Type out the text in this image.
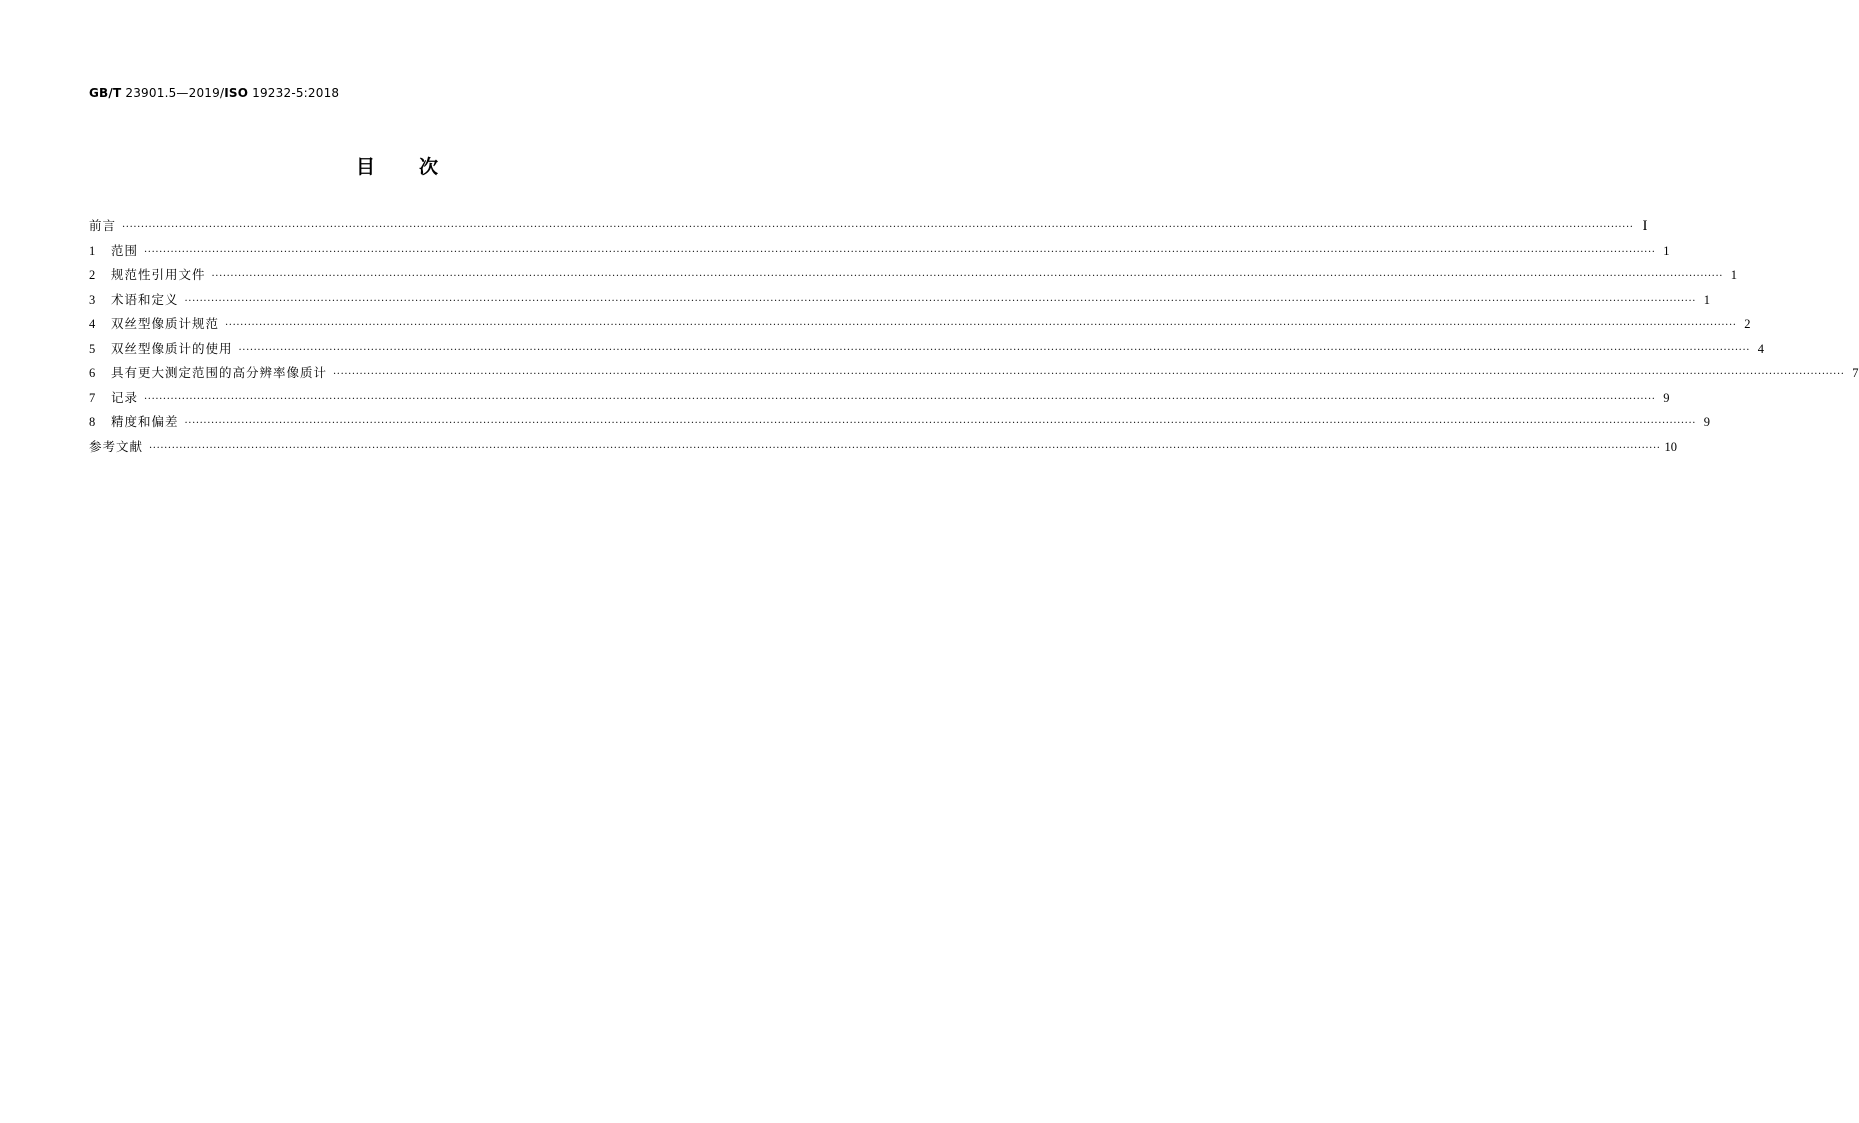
GB/T 23901.5—2019/ISO 19232-5:2018
目次
前言 ················································································································································································································································································································································································································ I
1	范围 ················································································································································································································································································································································································································ 1
2	规范性引用文件 ················································································································································································································································································································································································································ 1
3	术语和定义 ················································································································································································································································································································································································································ 1
4	双丝型像质计规范 ················································································································································································································································································································································································································ 2
5	双丝型像质计的使用 ················································································································································································································································································································································································································ 4
6	具有更大测定范围的高分辨率像质计 ················································································································································································································································································································································································································ 7
7	记录 ················································································································································································································································································································································································································ 9
8	精度和偏差 ················································································································································································································································································································································································································ 9
参考文献 ················································································································································································································································································································································································································ 10
